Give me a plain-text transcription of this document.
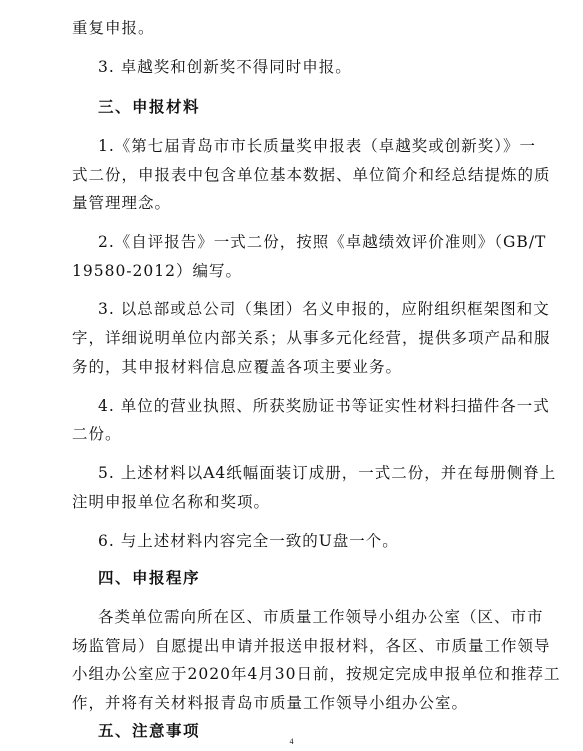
重复申报。
3. 卓越奖和创新奖不得同时申报。
三、申报材料
1.《第七届青岛市市长质量奖申报表（卓越奖或创新奖）》一
式二份，申报表中包含单位基本数据、单位简介和经总结提炼的质
量管理理念。
2.《自评报告》一式二份，按照《卓越绩效评价准则》（GB/T
19580-2012）编写。
3. 以总部或总公司（集团）名义申报的，应附组织框架图和文
字，详细说明单位内部关系；从事多元化经营，提供多项产品和服
务的，其申报材料信息应覆盖各项主要业务。
4. 单位的营业执照、所获奖励证书等证实性材料扫描件各一式
二份。
5. 上述材料以A4纸幅面装订成册，一式二份，并在每册侧脊上
注明申报单位名称和奖项。
6. 与上述材料内容完全一致的U盘一个。
四、申报程序
各类单位需向所在区、市质量工作领导小组办公室（区、市市
场监管局）自愿提出申请并报送申报材料，各区、市质量工作领导
小组办公室应于2020年4月30日前，按规定完成申报单位和推荐工
作，并将有关材料报青岛市质量工作领导小组办公室。
五、注意事项
4
